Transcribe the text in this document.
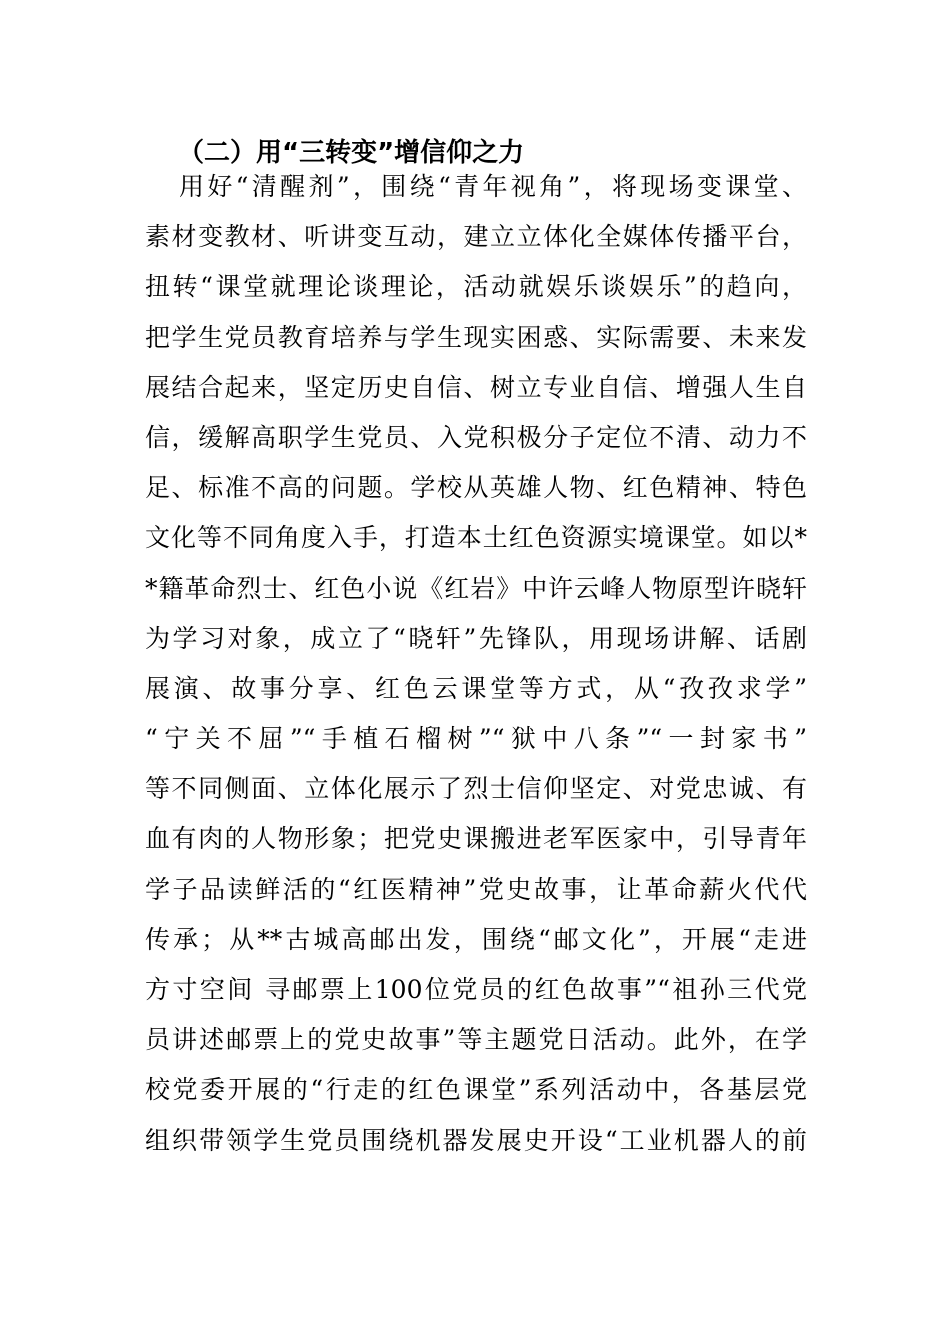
（二）用“三转变”增信仰之力
用好“清醒剂”，围绕“青年视角”，将现场变课堂、
素材变教材、听讲变互动，建立立体化全媒体传播平台，
扭转“课堂就理论谈理论，活动就娱乐谈娱乐”的趋向，
把学生党员教育培养与学生现实困惑、实际需要、未来发
展结合起来，坚定历史自信、树立专业自信、增强人生自
信，缓解高职学生党员、入党积极分子定位不清、动力不
足、标准不高的问题。学校从英雄人物、红色精神、特色
文化等不同角度入手，打造本土红色资源实境课堂。如以*
*籍革命烈士、红色小说《红岩》中许云峰人物原型许晓轩
为学习对象，成立了“晓轩”先锋队，用现场讲解、话剧
展演、故事分享、红色云课堂等方式，从“孜孜求学”
“宁关不屈”“手植石榴树”“狱中八条”“一封家书”
等不同侧面、立体化展示了烈士信仰坚定、对党忠诚、有
血有肉的人物形象；把党史课搬进老军医家中，引导青年
学子品读鲜活的“红医精神”党史故事，让革命薪火代代
传承；从**古城高邮出发，围绕“邮文化”，开展“走进
方寸空间 寻邮票上100位党员的红色故事”“祖孙三代党
员讲述邮票上的党史故事”等主题党日活动。此外，在学
校党委开展的“行走的红色课堂”系列活动中，各基层党
组织带领学生党员围绕机器发展史开设“工业机器人的前
